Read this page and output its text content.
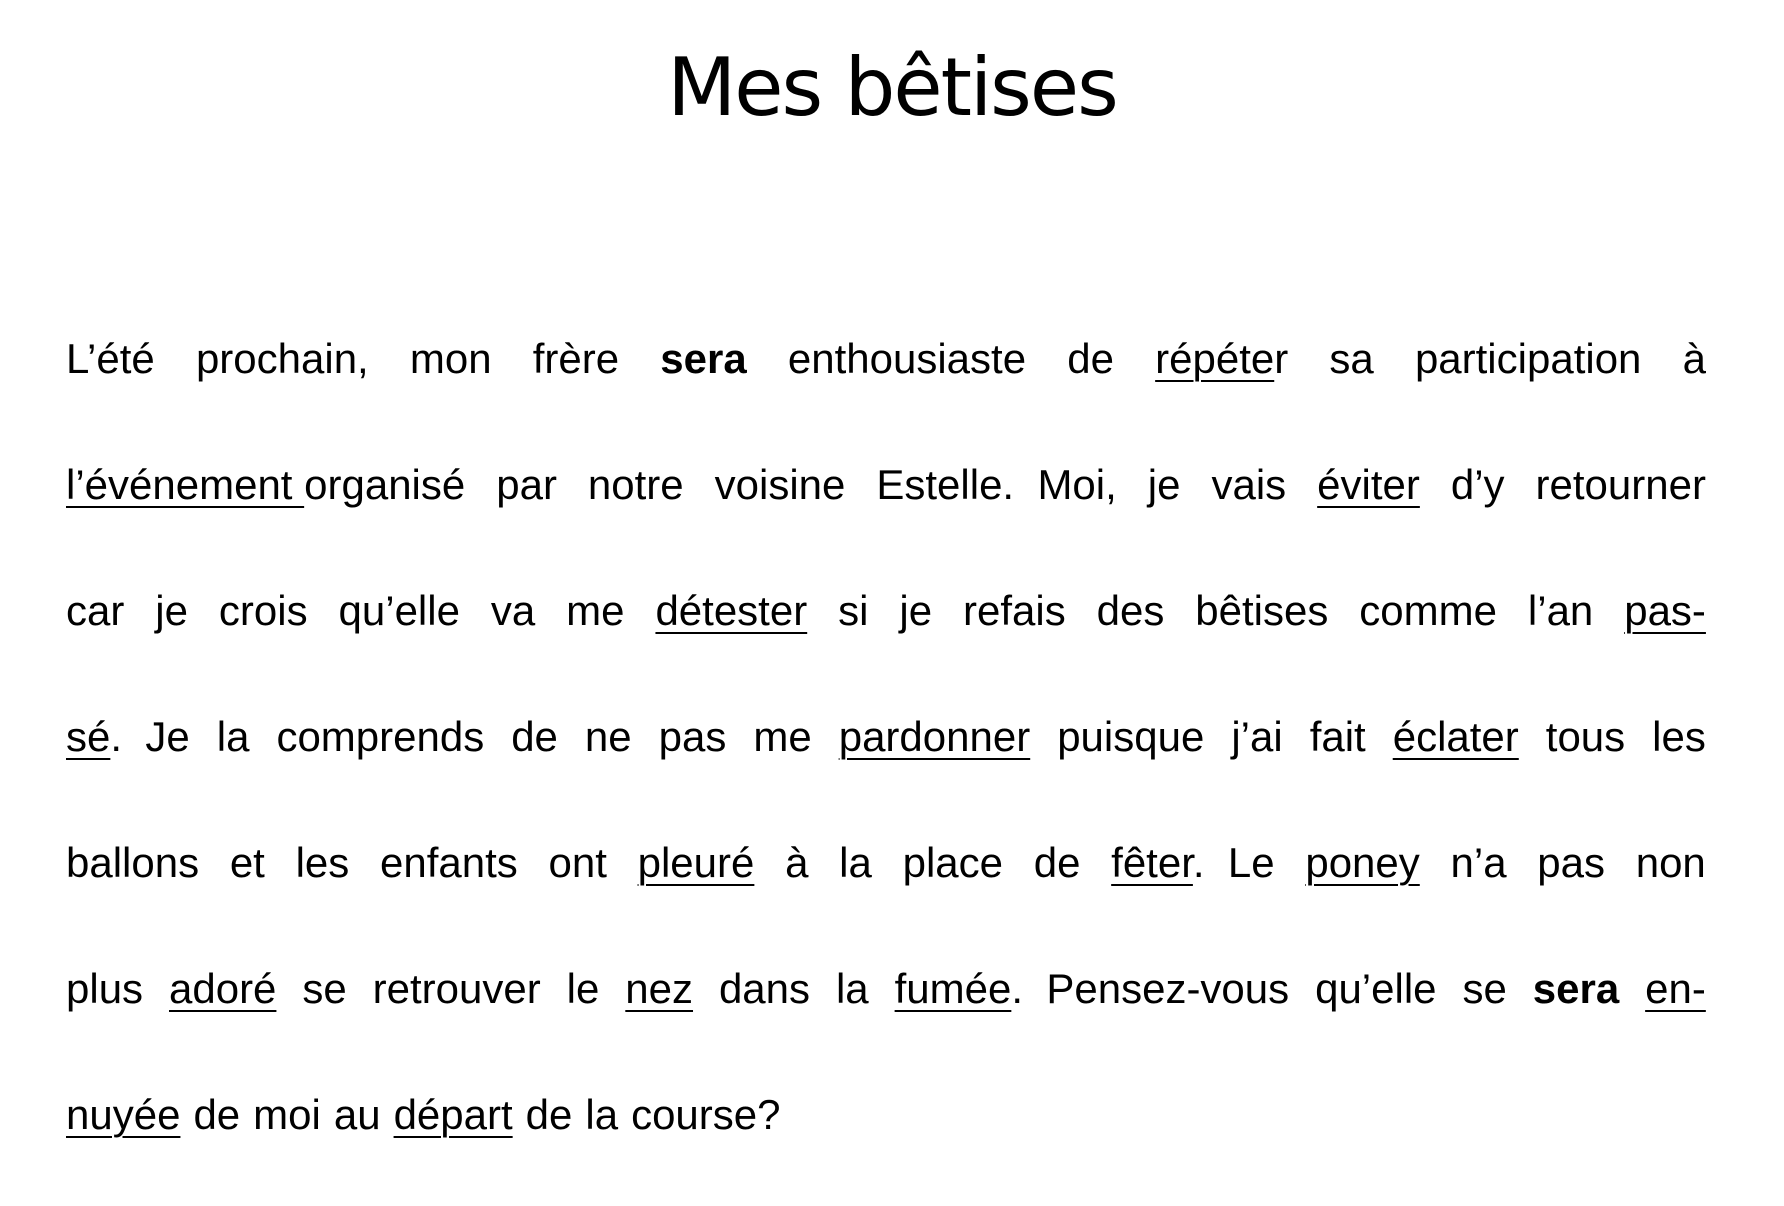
Mes bêtises
L’été prochain, mon frère sera enthousiaste de répéter sa participation à
l’événement organisé par notre voisine Estelle.  Moi, je vais éviter d’y retourner
car je crois qu’elle va me détester si je refais des bêtises comme l’an pas-
sé.  Je la comprends de ne pas me pardonner puisque j’ai fait éclater tous les
ballons et les enfants ont pleuré à la place de fêter.  Le poney n’a pas non
plus adoré se retrouver le nez dans la fumée.  Pensez-vous qu’elle se sera en-
nuyée de moi au départ de la course?
